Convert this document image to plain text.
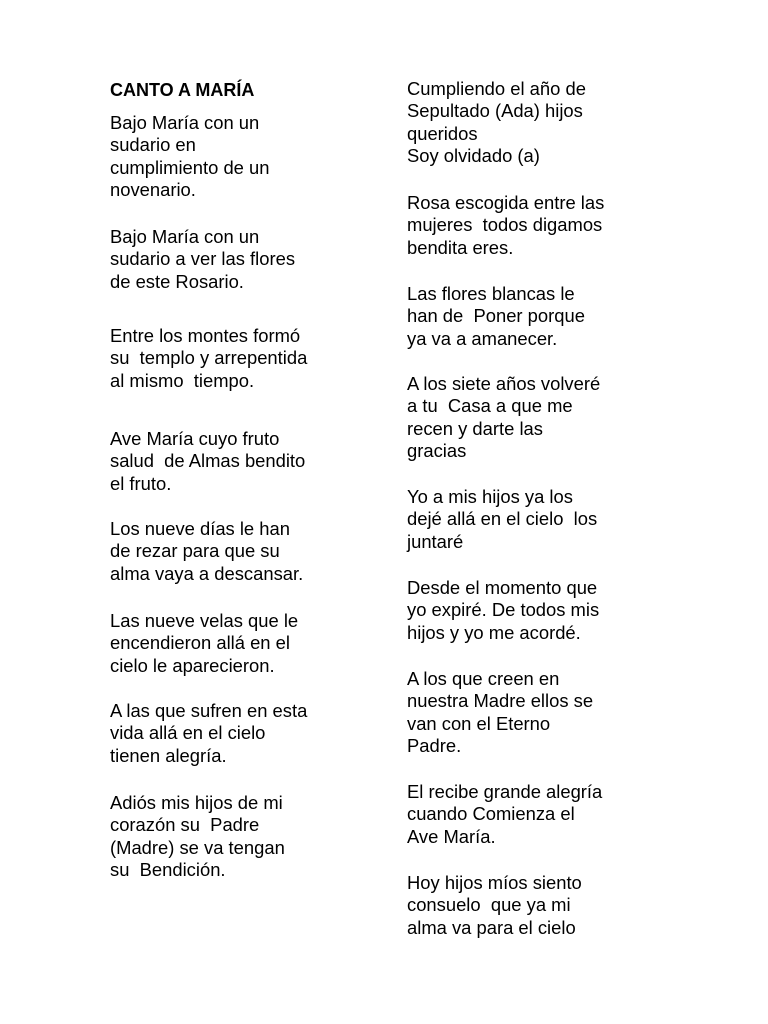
CANTO A MARÍA
Bajo María con un
sudario en
cumplimiento de un
novenario.
Bajo María con un
sudario a ver las flores
de este Rosario.
Entre los montes formó
su  templo y arrepentida
al mismo  tiempo.
Ave María cuyo fruto
salud  de Almas bendito
el fruto.
Los nueve días le han
de rezar para que su
alma vaya a descansar.
Las nueve velas que le
encendieron allá en el
cielo le aparecieron.
A las que sufren en esta
vida allá en el cielo
tienen alegría.
Adiós mis hijos de mi
corazón su  Padre
(Madre) se va tengan
su  Bendición.
Cumpliendo el año de
Sepultado (Ada) hijos
queridos
Soy olvidado (a)
Rosa escogida entre las
mujeres  todos digamos
bendita eres.
Las flores blancas le
han de  Poner porque
ya va a amanecer.
A los siete años volveré
a tu  Casa a que me
recen y darte las
gracias
Yo a mis hijos ya los
dejé allá en el cielo  los
juntaré
Desde el momento que
yo expiré. De todos mis
hijos y yo me acordé.
A los que creen en
nuestra Madre ellos se
van con el Eterno
Padre.
El recibe grande alegría
cuando Comienza el
Ave María.
Hoy hijos míos siento
consuelo  que ya mi
alma va para el cielo
